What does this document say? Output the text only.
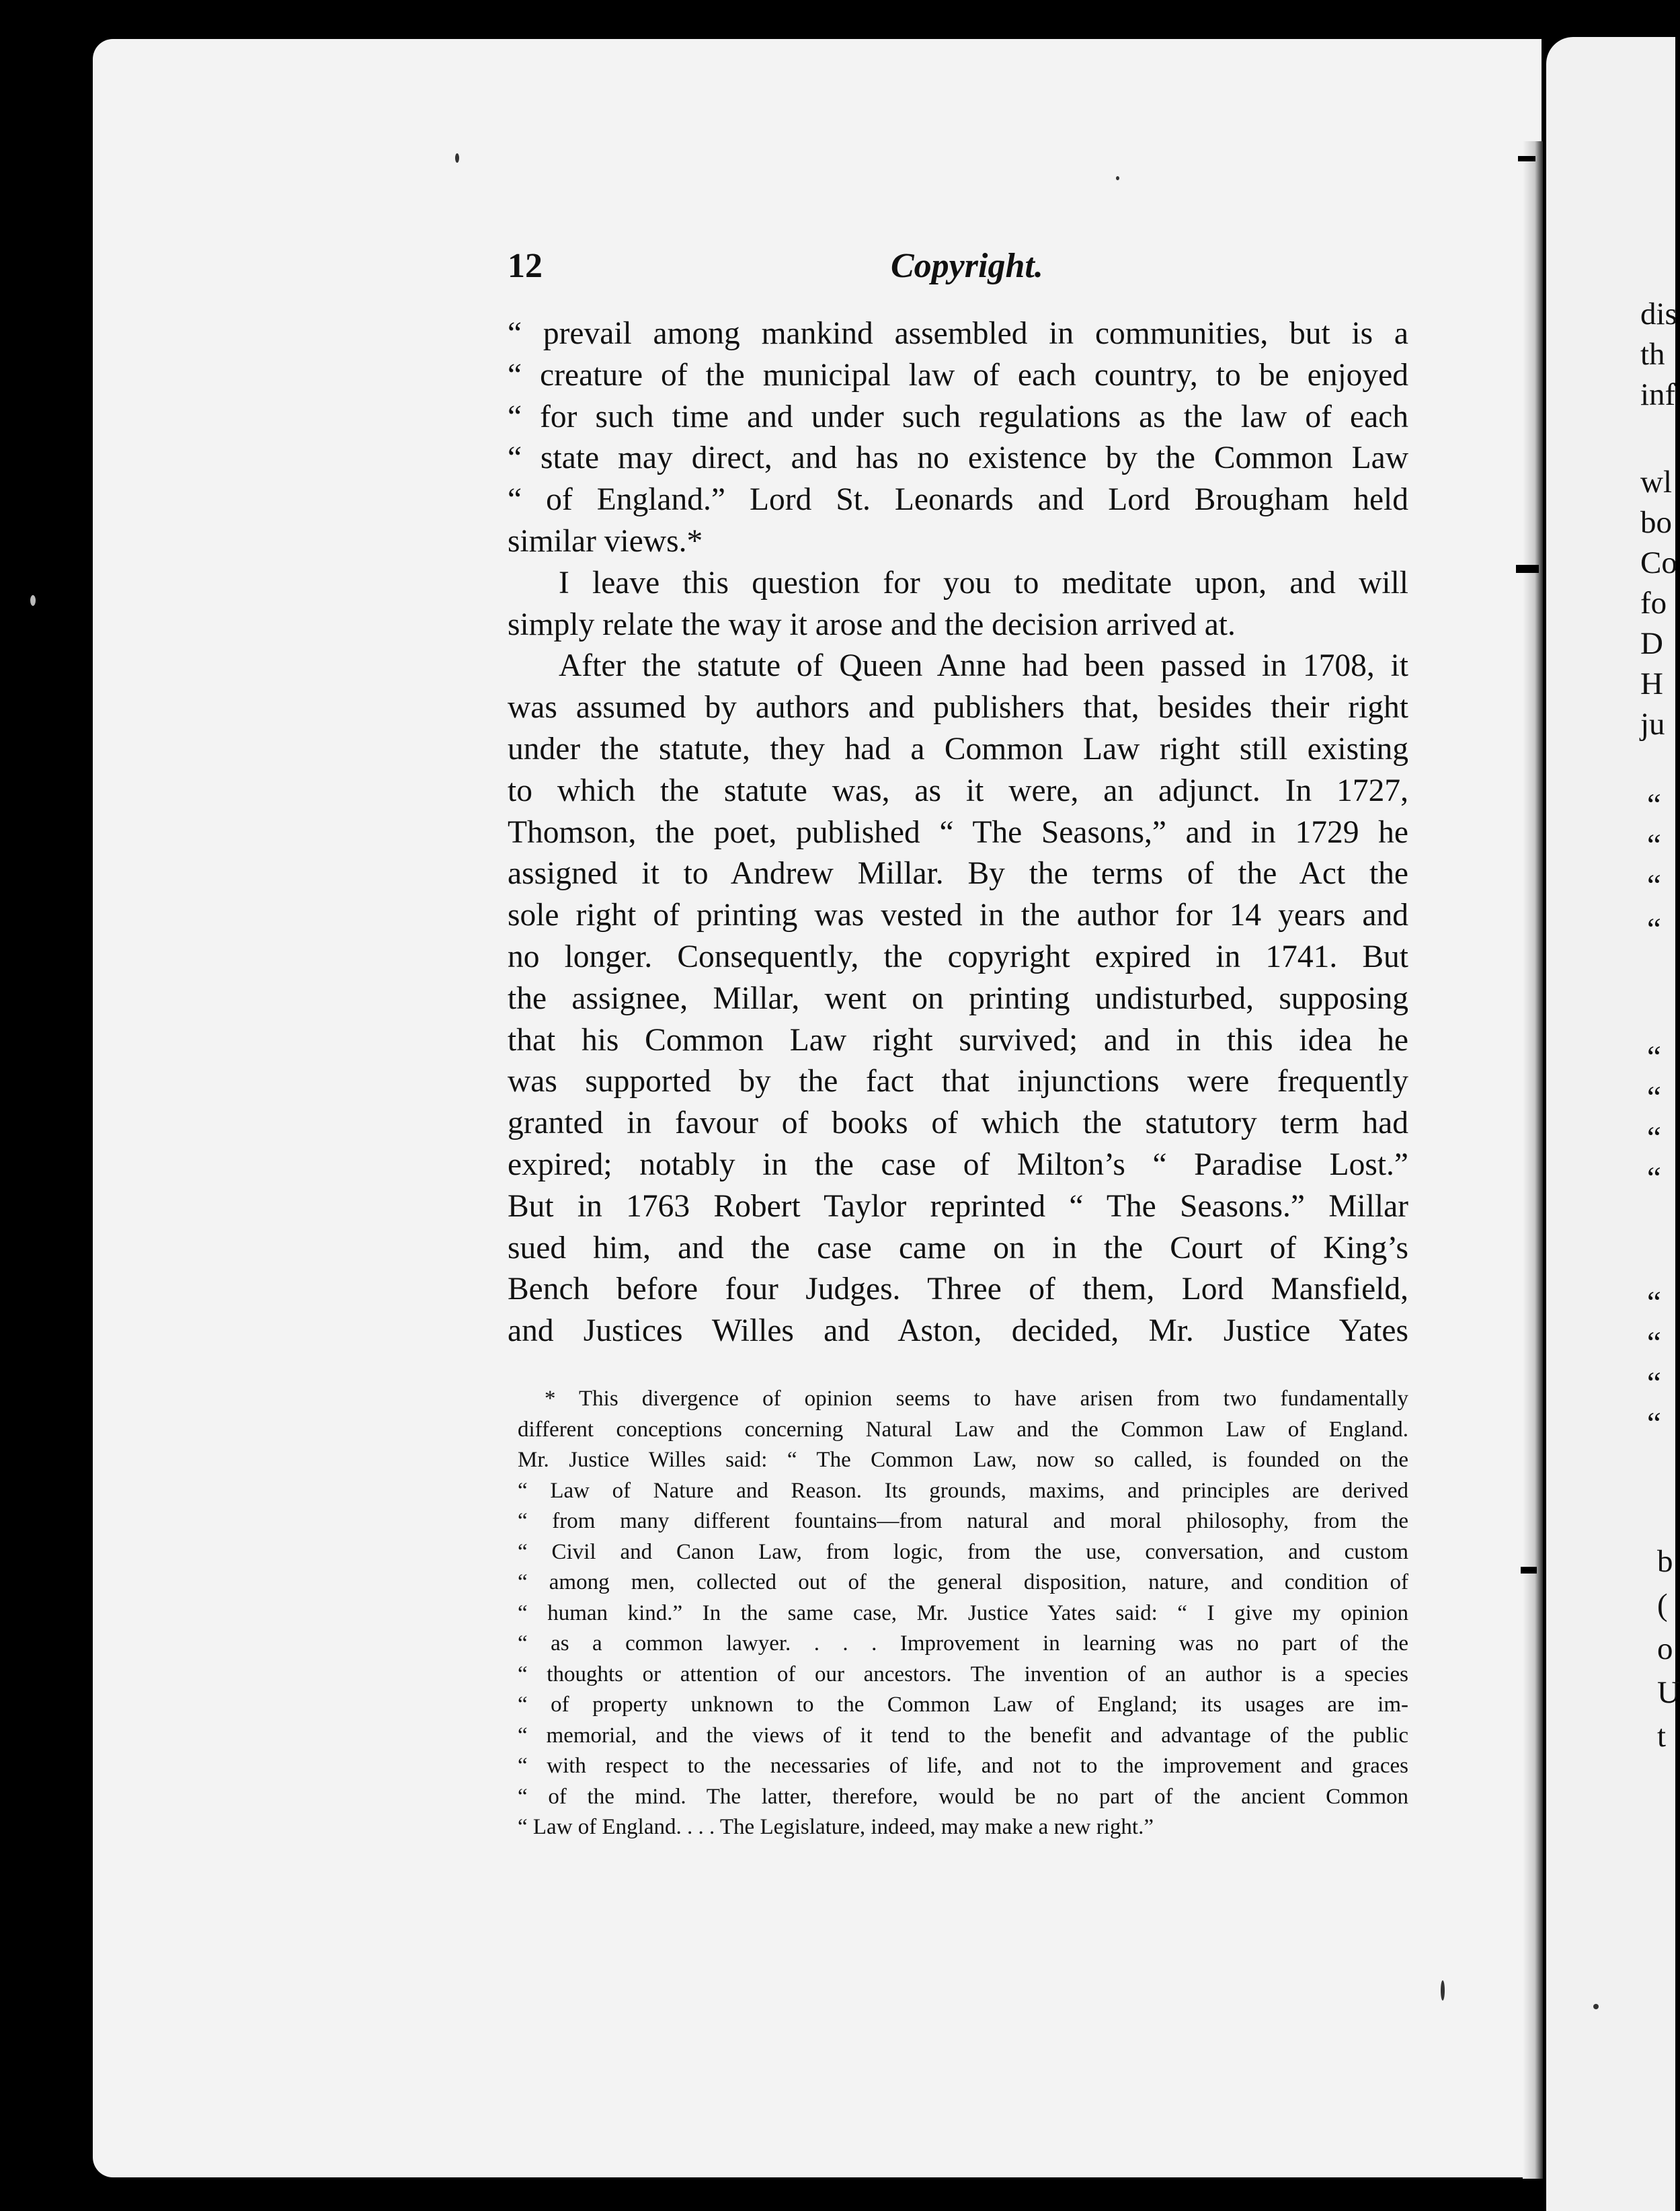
12	Copyright.
“ prevail among mankind assembled in communities, but is a
“ creature of the municipal law of each country, to be enjoyed
“ for such time and under such regulations as the law of each
“ state may direct, and has no existence by the Common Law
“ of England.” Lord St. Leonards and Lord Brougham held
similar views.*
I leave this question for you to meditate upon, and will
simply relate the way it arose and the decision arrived at.
After the statute of Queen Anne had been passed in 1708, it
was assumed by authors and publishers that, besides their right
under the statute, they had a Common Law right still existing
to which the statute was, as it were, an adjunct. In 1727,
Thomson, the poet, published “ The Seasons,” and in 1729 he
assigned it to Andrew Millar. By the terms of the Act the
sole right of printing was vested in the author for 14 years and
no longer. Consequently, the copyright expired in 1741. But
the assignee, Millar, went on printing undisturbed, supposing
that his Common Law right survived; and in this idea he
was supported by the fact that injunctions were frequently
granted in favour of books of which the statutory term had
expired; notably in the case of Milton’s “ Paradise Lost.”
But in 1763 Robert Taylor reprinted “ The Seasons.” Millar
sued him, and the case came on in the Court of King’s
Bench before four Judges. Three of them, Lord Mansfield,
and Justices Willes and Aston, decided, Mr. Justice Yates
* This divergence of opinion seems to have arisen from two fundamentally
different conceptions concerning Natural Law and the Common Law of England.
Mr. Justice Willes said: “ The Common Law, now so called, is founded on the
“ Law of Nature and Reason. Its grounds, maxims, and principles are derived
“ from many different fountains—from natural and moral philosophy, from the
“ Civil and Canon Law, from logic, from the use, conversation, and custom
“ among men, collected out of the general disposition, nature, and condition of
“ human kind.” In the same case, Mr. Justice Yates said: “ I give my opinion
“ as a common lawyer. . . . Improvement in learning was no part of the
“ thoughts or attention of our ancestors. The invention of an author is a species
“ of property unknown to the Common Law of England; its usages are im-
“ memorial, and the views of it tend to the benefit and advantage of the public
“ with respect to the necessaries of life, and not to the improvement and graces
“ of the mind. The latter, therefore, would be no part of the ancient Common
“ Law of England. . . . The Legislature, indeed, may make a new right.”
dis
th
inf
wl
bo
Co
fo
D
H
ju
“
“
“
“
“
“
“
“
“
“
“
“
b
(
o
U
t
